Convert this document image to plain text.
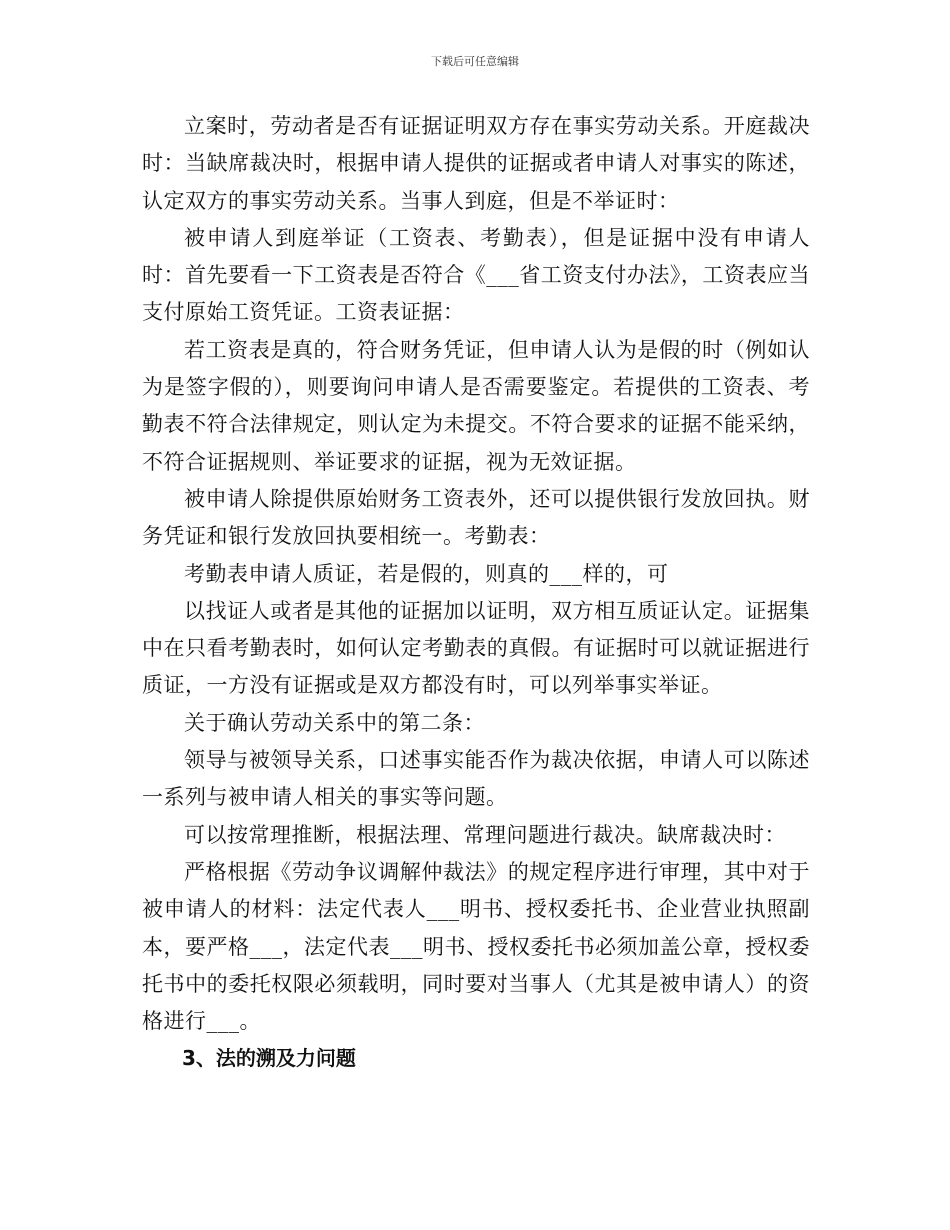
下载后可任意编辑

立案时，劳动者是否有证据证明双方存在事实劳动关系。开庭裁决时：当缺席裁决时，根据申请人提供的证据或者申请人对事实的陈述，认定双方的事实劳动关系。当事人到庭，但是不举证时：

被申请人到庭举证（工资表、考勤表），但是证据中没有申请人时：首先要看一下工资表是否符合《___省工资支付办法》，工资表应当支付原始工资凭证。工资表证据：

若工资表是真的，符合财务凭证，但申请人认为是假的时（例如认为是签字假的），则要询问申请人是否需要鉴定。若提供的工资表、考勤表不符合法律规定，则认定为未提交。不符合要求的证据不能采纳，不符合证据规则、举证要求的证据，视为无效证据。

被申请人除提供原始财务工资表外，还可以提供银行发放回执。财务凭证和银行发放回执要相统一。考勤表：

考勤表申请人质证，若是假的，则真的___样的，可

以找证人或者是其他的证据加以证明，双方相互质证认定。证据集中在只看考勤表时，如何认定考勤表的真假。有证据时可以就证据进行质证，一方没有证据或是双方都没有时，可以列举事实举证。

关于确认劳动关系中的第二条：

领导与被领导关系，口述事实能否作为裁决依据，申请人可以陈述一系列与被申请人相关的事实等问题。

可以按常理推断，根据法理、常理问题进行裁决。缺席裁决时：

严格根据《劳动争议调解仲裁法》的规定程序进行审理，其中对于被申请人的材料：法定代表人___明书、授权委托书、企业营业执照副本，要严格___，法定代表___明书、授权委托书必须加盖公章，授权委托书中的委托权限必须载明，同时要对当事人（尤其是被申请人）的资格进行___。

3、法的溯及力问题
